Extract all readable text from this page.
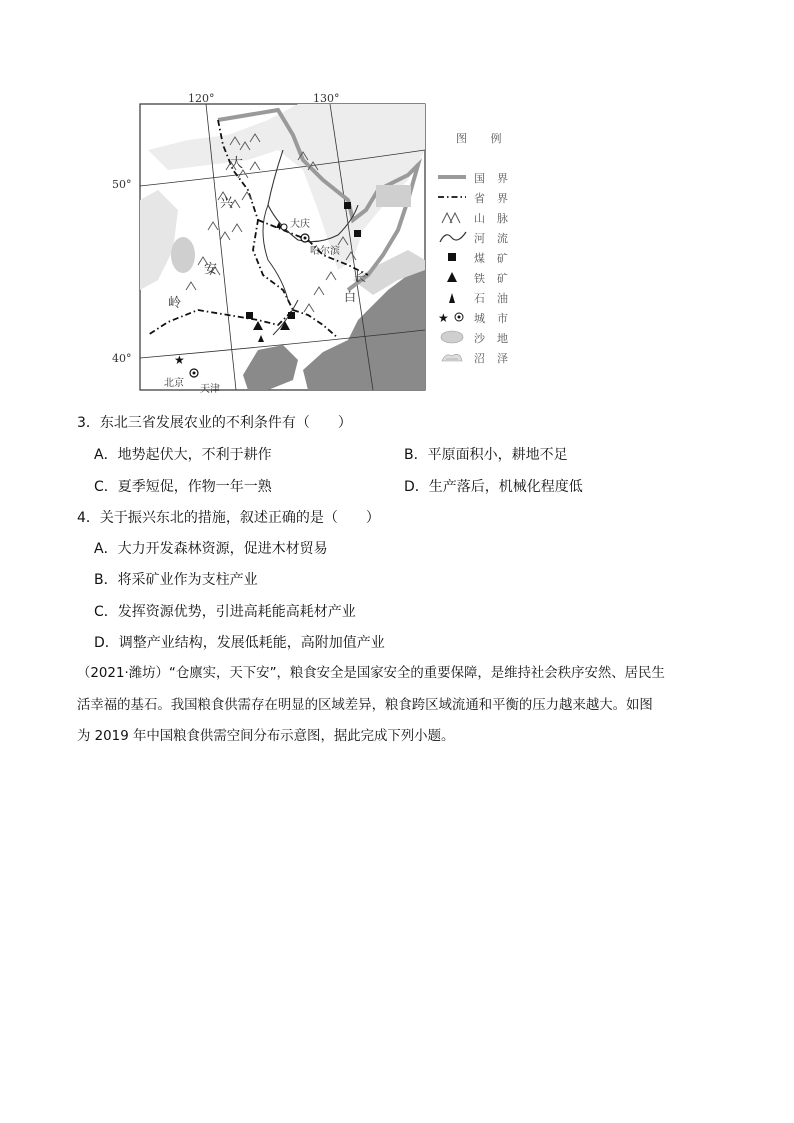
★
120°	130°
50°
40°
大庆
哈尔滨
北京
天津
大
兴
安
岭
长
白
图 例
国界
省界
山脉
河流
煤矿
铁矿
石油
★ 城市
沙地
沼泽
3．东北三省发展农业的不利条件有（　　）
A．地势起伏大，不利于耕作	B．平原面积小，耕地不足
C．夏季短促，作物一年一熟	D．生产落后，机械化程度低
4．关于振兴东北的措施，叙述正确的是（　　）
A．大力开发森林资源，促进木材贸易
B．将采矿业作为支柱产业
C．发挥资源优势，引进高耗能高耗材产业
D．调整产业结构，发展低耗能，高附加值产业
（2021·潍坊）“仓廪实，天下安”，粮食安全是国家安全的重要保障，是维持社会秩序安然、居民生
活幸福的基石。我国粮食供需存在明显的区域差异，粮食跨区域流通和平衡的压力越来越大。如图
为 2019 年中国粮食供需空间分布示意图，据此完成下列小题。
